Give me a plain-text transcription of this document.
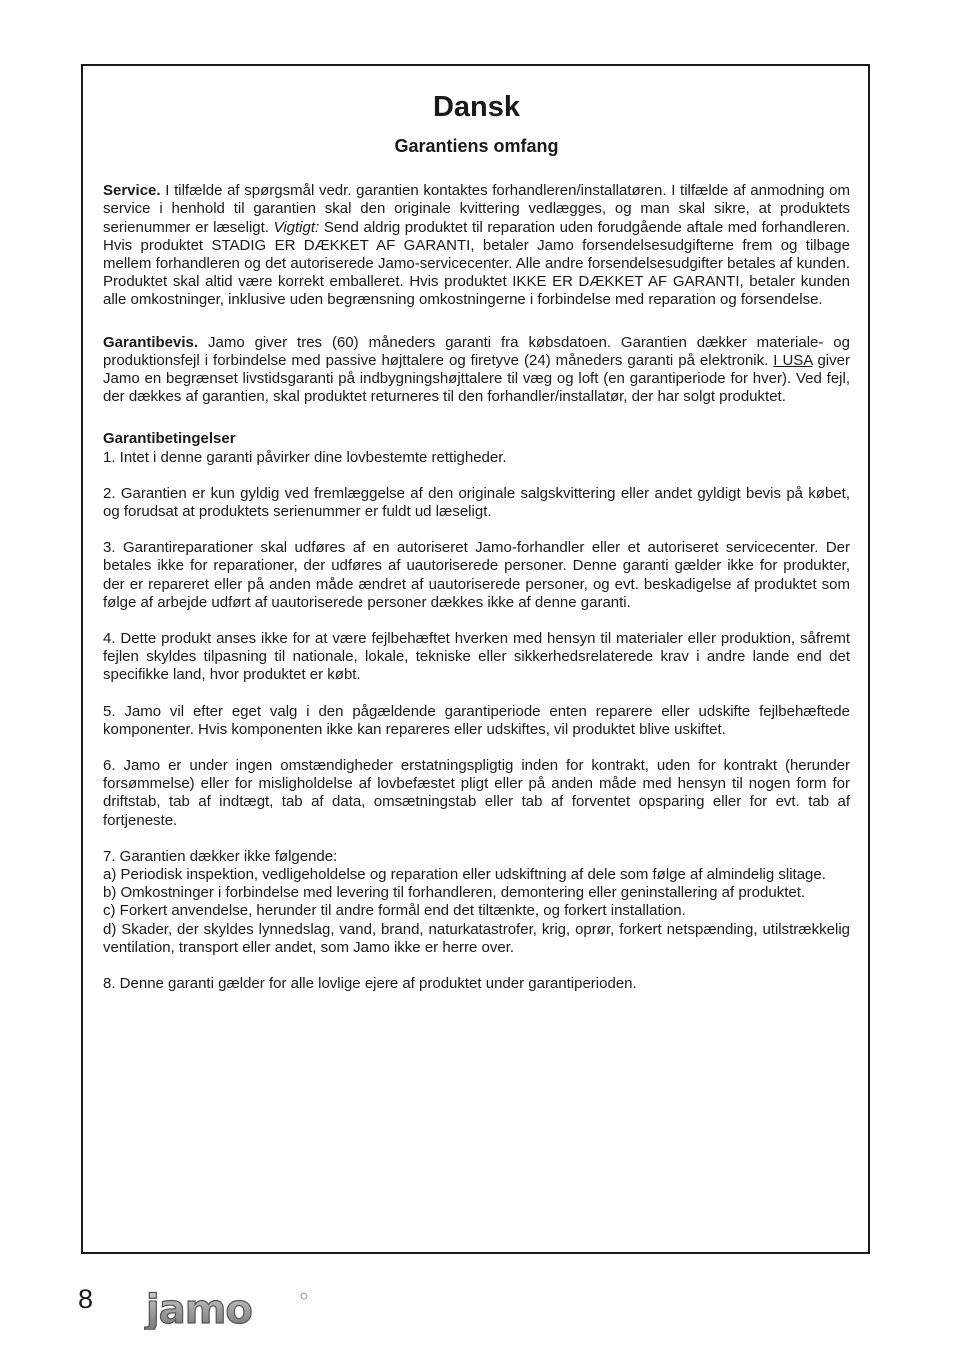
Dansk
Garantiens omfang

Service. I tilfælde af spørgsmål vedr. garantien kontaktes forhandleren/installatøren. I tilfælde af anmodning om service i henhold til garantien skal den originale kvittering vedlægges, og man skal sikre, at produktets serienummer er læseligt. Vigtigt: Send aldrig produktet til reparation uden forudgående aftale med forhandleren. Hvis produktet STADIG ER DÆKKET AF GARANTI, betaler Jamo forsendelsesudgifterne frem og tilbage mellem forhandleren og det autoriserede Jamo-servicecenter. Alle andre forsendelsesudgifter betales af kunden. Produktet skal altid være korrekt emballeret. Hvis produktet IKKE ER DÆKKET AF GARANTI, betaler kunden alle omkostninger, inklusive uden begrænsning omkostningerne i forbindelse med reparation og forsendelse.

Garantibevis. Jamo giver tres (60) måneders garanti fra købsdatoen. Garantien dækker materiale- og produktionsfejl i forbindelse med passive højttalere og firetyve (24) måneders garanti på elektronik. I USA giver Jamo en begrænset livstidsgaranti på indbygningshøjttalere til væg og loft (en garantiperiode for hver). Ved fejl, der dækkes af garantien, skal produktet returneres til den forhandler/installatør, der har solgt produktet.

Garantibetingelser
1. Intet i denne garanti påvirker dine lovbestemte rettigheder.

2. Garantien er kun gyldig ved fremlæggelse af den originale salgskvittering eller andet gyldigt bevis på købet, og forudsat at produktets serienummer er fuldt ud læseligt.

3. Garantireparationer skal udføres af en autoriseret Jamo-forhandler eller et autoriseret servicecenter. Der betales ikke for reparationer, der udføres af uautoriserede personer. Denne garanti gælder ikke for produkter, der er repareret eller på anden måde ændret af uautoriserede personer, og evt. beskadigelse af produktet som følge af arbejde udført af uautoriserede personer dækkes ikke af denne garanti.

4. Dette produkt anses ikke for at være fejlbehæftet hverken med hensyn til materialer eller produktion, såfremt fejlen skyldes tilpasning til nationale, lokale, tekniske eller sikkerhedsrelaterede krav i andre lande end det specifikke land, hvor produktet er købt.

5. Jamo vil efter eget valg i den pågældende garantiperiode enten reparere eller udskifte fejlbehæftede komponenter. Hvis komponenten ikke kan repareres eller udskiftes, vil produktet blive uskiftet.

6. Jamo er under ingen omstændigheder erstatningspligtig inden for kontrakt, uden for kontrakt (herunder forsømmelse) eller for misligholdelse af lovbefæstet pligt eller på anden måde med hensyn til nogen form for driftstab, tab af indtægt, tab af data, omsætningstab eller tab af forventet opsparing eller for evt. tab af fortjeneste.

7. Garantien dækker ikke følgende:
a) Periodisk inspektion, vedligeholdelse og reparation eller udskiftning af dele som følge af almindelig slitage.
b) Omkostninger i forbindelse med levering til forhandleren, demontering eller geninstallering af produktet.
c) Forkert anvendelse, herunder til andre formål end det tiltænkte, og forkert installation.
d) Skader, der skyldes lynnedslag, vand, brand, naturkatastrofer, krig, oprør, forkert netspænding, utilstrækkelig ventilation, transport eller andet, som Jamo ikke er herre over.

8. Denne garanti gælder for alle lovlige ejere af produktet under garantiperioden.

8 jamo
